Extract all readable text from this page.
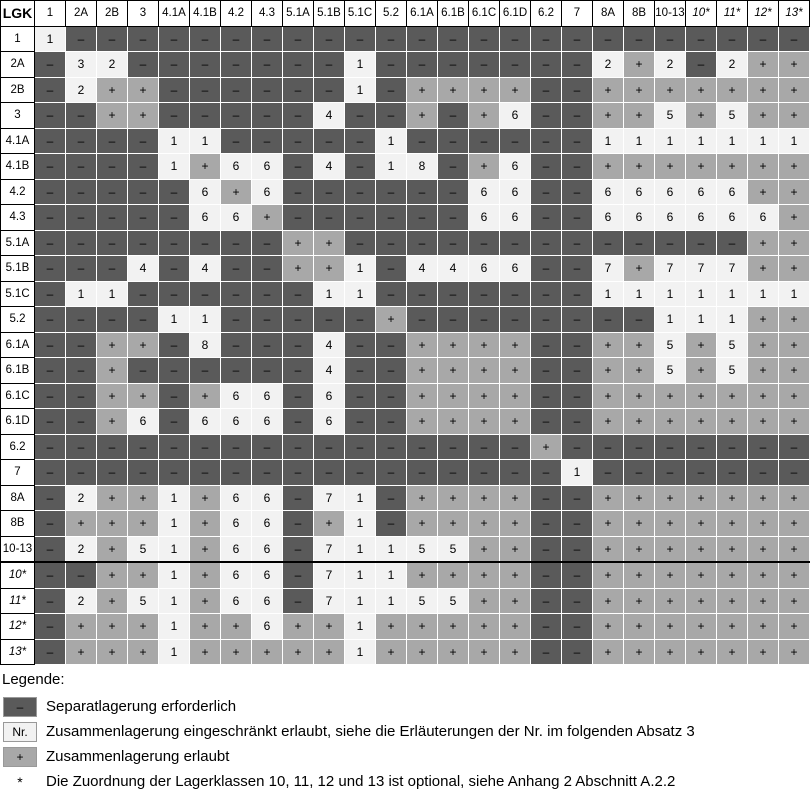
LGK	1	2A	2B	3	4.1A	4.1B	4.2	4.3	5.1A	5.1B	5.1C	5.2	6.1A	6.1B	6.1C	6.1D	6.2	7	8A	8B	10-13	10*	11*	12*	13*
1	1	–	–	–	–	–	–	–	–	–	–	–	–	–	–	–	–	–	–	–	–	–	–	–	–
2A	–	3	2	–	–	–	–	–	–	–	1	–	–	–	–	–	–	–	2	+	2	–	2	+	+
2B	–	2	+	+	–	–	–	–	–	–	1	–	+	+	+	+	–	–	+	+	+	+	+	+	+
3	–	–	+	+	–	–	–	–	–	4	–	–	+	–	+	6	–	–	+	+	5	+	5	+	+
4.1A	–	–	–	–	1	1	–	–	–	–	–	1	–	–	–	–	–	–	1	1	1	1	1	1	1
4.1B	–	–	–	–	1	+	6	6	–	4	–	1	8	–	+	6	–	–	+	+	+	+	+	+	+
4.2	–	–	–	–	–	6	+	6	–	–	–	–	–	–	6	6	–	–	6	6	6	6	6	+	+
4.3	–	–	–	–	–	6	6	+	–	–	–	–	–	–	6	6	–	–	6	6	6	6	6	6	+
5.1A	–	–	–	–	–	–	–	–	+	+	–	–	–	–	–	–	–	–	–	–	–	–	–	+	+
5.1B	–	–	–	4	–	4	–	–	+	+	1	–	4	4	6	6	–	–	7	+	7	7	7	+	+
5.1C	–	1	1	–	–	–	–	–	–	1	1	–	–	–	–	–	–	–	1	1	1	1	1	1	1
5.2	–	–	–	–	1	1	–	–	–	–	–	+	–	–	–	–	–	–	–	–	1	1	1	+	+
6.1A	–	–	+	+	–	8	–	–	–	4	–	–	+	+	+	+	–	–	+	+	5	+	5	+	+
6.1B	–	–	+	–	–	–	–	–	–	4	–	–	+	+	+	+	–	–	+	+	5	+	5	+	+
6.1C	–	–	+	+	–	+	6	6	–	6	–	–	+	+	+	+	–	–	+	+	+	+	+	+	+
6.1D	–	–	+	6	–	6	6	6	–	6	–	–	+	+	+	+	–	–	+	+	+	+	+	+	+
6.2	–	–	–	–	–	–	–	–	–	–	–	–	–	–	–	–	+	–	–	–	–	–	–	–	–
7	–	–	–	–	–	–	–	–	–	–	–	–	–	–	–	–	–	1	–	–	–	–	–	–	–
8A	–	2	+	+	1	+	6	6	–	7	1	–	+	+	+	+	–	–	+	+	+	+	+	+	+
8B	–	+	+	+	1	+	6	6	–	+	1	–	+	+	+	+	–	–	+	+	+	+	+	+	+
10-13	–	2	+	5	1	+	6	6	–	7	1	1	5	5	+	+	–	–	+	+	+	+	+	+	+
10*	–	–	+	+	1	+	6	6	–	7	1	1	+	+	+	+	–	–	+	+	+	+	+	+	+
11*	–	2	+	5	1	+	6	6	–	7	1	1	5	5	+	+	–	–	+	+	+	+	+	+	+
12*	–	+	+	+	1	+	+	6	+	+	1	+	+	+	+	+	–	–	+	+	+	+	+	+	+
13*	–	+	+	+	1	+	+	+	+	+	1	+	+	+	+	+	–	–	+	+	+	+	+	+	+
Legende:
–	Separatlagerung erforderlich
Nr.	Zusammenlagerung eingeschränkt erlaubt, siehe die Erläuterungen der Nr. im folgenden Absatz 3
+	Zusammenlagerung erlaubt
*	Die Zuordnung der Lagerklassen 10, 11, 12 und 13 ist optional, siehe Anhang 2 Abschnitt A.2.2
